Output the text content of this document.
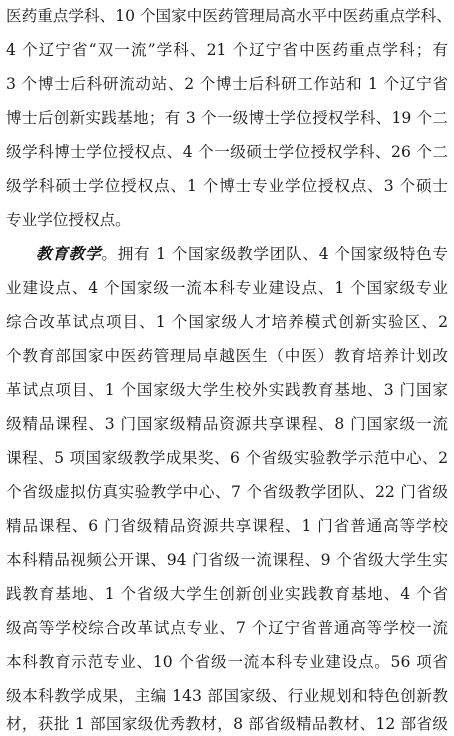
医药重点学科、10 个国家中医药管理局高水平中医药重点学科、
4 个辽宁省“双一流”学科、21 个辽宁省中医药重点学科；有
3 个博士后科研流动站、2 个博士后科研工作站和 1 个辽宁省
博士后创新实践基地；有 3 个一级博士学位授权学科、19 个二
级学科博士学位授权点、4 个一级硕士学位授权学科、26 个二
级学科硕士学位授权点、1 个博士专业学位授权点、3 个硕士
专业学位授权点。
教育教学。拥有 1 个国家级教学团队、4 个国家级特色专
业建设点、4 个国家级一流本科专业建设点、1 个国家级专业
综合改革试点项目、1 个国家级人才培养模式创新实验区、2
个教育部国家中医药管理局卓越医生（中医）教育培养计划改
革试点项目、1 个国家级大学生校外实践教育基地、3 门国家
级精品课程、3 门国家级精品资源共享课程、8 门国家级一流
课程、5 项国家级教学成果奖、6 个省级实验教学示范中心、2
个省级虚拟仿真实验教学中心、7 个省级教学团队、22 门省级
精品课程、6 门省级精品资源共享课程、1 门省普通高等学校
本科精品视频公开课、94 门省级一流课程、9 个省级大学生实
践教育基地、1 个省级大学生创新创业实践教育基地、4 个省
级高等学校综合改革试点专业、7 个辽宁省普通高等学校一流
本科教育示范专业、10 个省级一流本科专业建设点。56 项省
级本科教学成果，主编 143 部国家级、行业规划和特色创新教
材，获批 1 部国家级优秀教材，8 部省级精品教材、12 部省级
